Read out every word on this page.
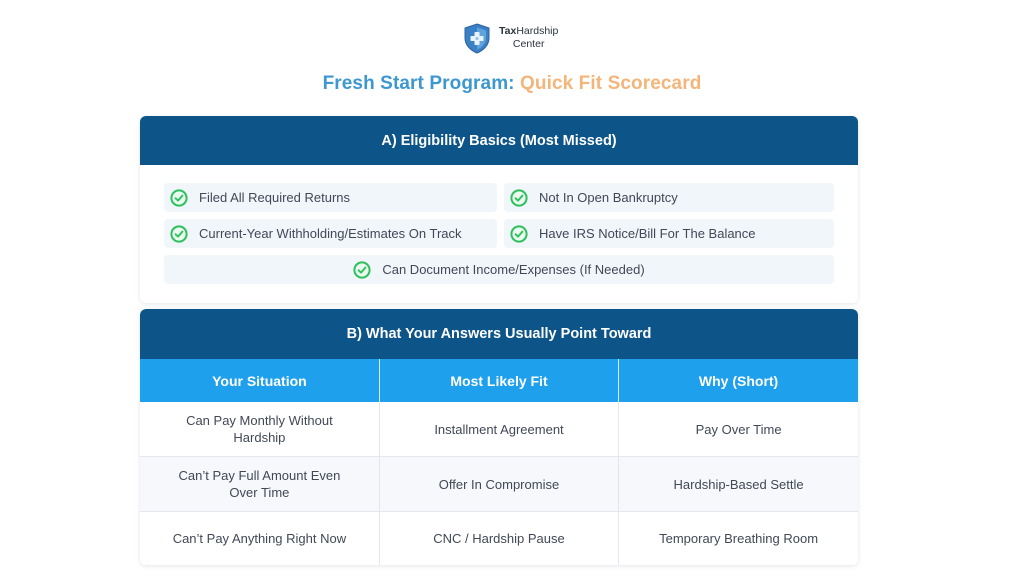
TaxHardship
Center
Fresh Start Program: Quick Fit Scorecard
A) Eligibility Basics (Most Missed)
Filed All Required Returns	Not In Open Bankruptcy
Current-Year Withholding/Estimates On Track	Have IRS Notice/Bill For The Balance
Can Document Income/Expenses (If Needed)
B) What Your Answers Usually Point Toward
Your Situation	Most Likely Fit	Why (Short)
Can Pay Monthly Without Hardship	Installment Agreement	Pay Over Time
Can’t Pay Full Amount Even Over Time	Offer In Compromise	Hardship-Based Settle
Can’t Pay Anything Right Now	CNC / Hardship Pause	Temporary Breathing Room
